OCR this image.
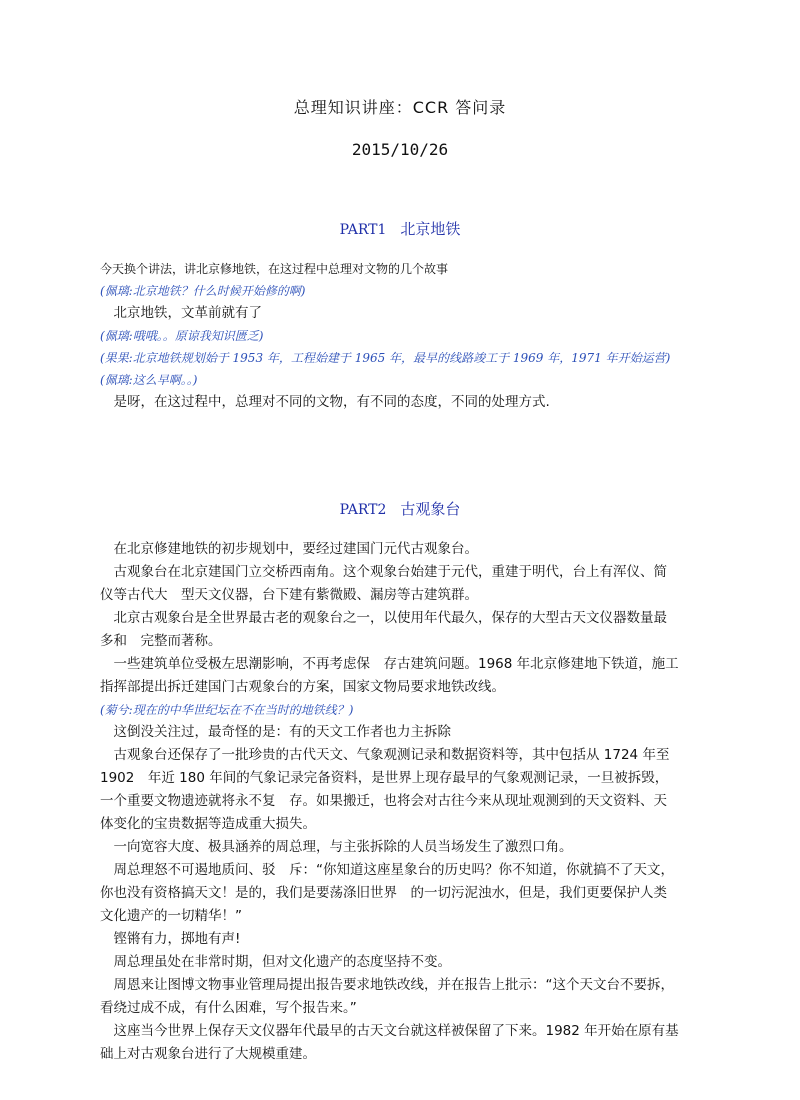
总理知识讲座：CCR 答问录
2015/10/26
PART1 北京地铁

今天换个讲法，讲北京修地铁，在这过程中总理对文物的几个故事

(佩璃:北京地铁？什么时候开始修的啊)

北京地铁，文革前就有了

(佩璃:哦哦。。原谅我知识匮乏)

(果果:北京地铁规划始于 1953 年，工程始建于 1965 年，最早的线路竣工于 1969 年，1971 年开始运营)

(佩璃:这么早啊。。)

是呀，在这过程中，总理对不同的文物，有不同的态度，不同的处理方式.

PART2 古观象台

在北京修建地铁的初步规划中，要经过建国门元代古观象台。

古观象台在北京建国门立交桥西南角。这个观象台始建于元代，重建于明代，台上有浑仪、简仪等古代大　型天文仪器，台下建有紫微殿、漏房等古建筑群。

北京古观象台是全世界最古老的观象台之一，以使用年代最久，保存的大型古天文仪器数量最多和　完整而著称。

一些建筑单位受极左思潮影响，不再考虑保　存古建筑问题。1968 年北京修建地下铁道，施工指挥部提出拆迁建国门古观象台的方案，国家文物局要求地铁改线。

(菊兮:现在的中华世纪坛在不在当时的地铁线？)

这倒没关注过，最奇怪的是：有的天文工作者也力主拆除

古观象台还保存了一批珍贵的古代天文、气象观测记录和数据资料等，其中包括从 1724 年至 1902　年近 180 年间的气象记录完备资料，是世界上现存最早的气象观测记录，一旦被拆毁，一个重要文物遗迹就将永不复　存。如果搬迁，也将会对古往今来从现址观测到的天文资料、天体变化的宝贵数据等造成重大损失。

一向宽容大度、极具涵养的周总理，与主张拆除的人员当场发生了激烈口角。

周总理怒不可遏地质问、驳　斥：“你知道这座星象台的历史吗？你不知道，你就搞不了天文，你也没有资格搞天文！是的，我们是要荡涤旧世界　的一切污泥浊水，但是，我们更要保护人类文化遗产的一切精华！”

铿锵有力，掷地有声!

周总理虽处在非常时期，但对文化遗产的态度坚持不变。

周恩来让图博文物事业管理局提出报告要求地铁改线，并在报告上批示：“这个天文台不要拆，看绕过成不成，有什么困难，写个报告来。”

这座当今世界上保存天文仪器年代最早的古天文台就这样被保留了下来。1982 年开始在原有基础上对古观象台进行了大规模重建。
